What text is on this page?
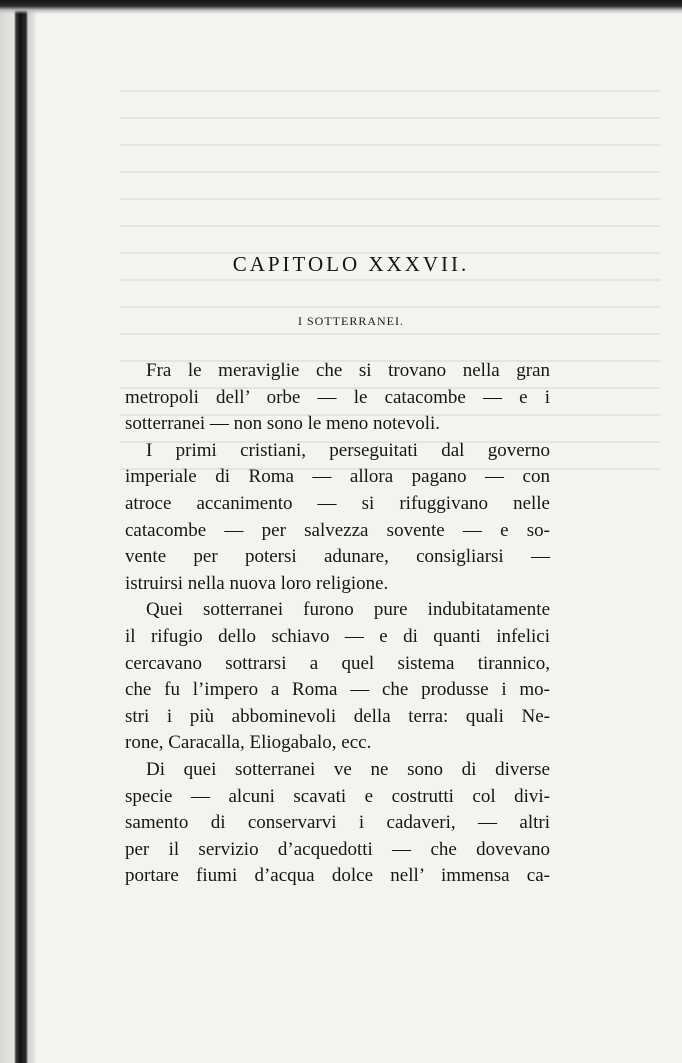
CAPITOLO XXXVII.
I SOTTERRANEI.
Fra le meraviglie che si trovano nella gran
metropoli dell’ orbe — le catacombe — e i
sotterranei — non sono le meno notevoli.
I primi cristiani, perseguitati dal governo
imperiale di Roma — allora pagano — con
atroce accanimento — si rifuggivano nelle
catacombe — per salvezza sovente — e so-
vente per potersi adunare, consigliarsi —
istruirsi nella nuova loro religione.
Quei sotterranei furono pure indubitatamente
il rifugio dello schiavo — e di quanti infelici
cercavano sottrarsi a quel sistema tirannico,
che fu l’impero a Roma — che produsse i mo-
stri i più abbominevoli della terra: quali Ne-
rone, Caracalla, Eliogabalo, ecc.
Di quei sotterranei ve ne sono di diverse
specie — alcuni scavati e costrutti col divi-
samento di conservarvi i cadaveri, — altri
per il servizio d’acquedotti — che dovevano
portare fiumi d’acqua dolce nell’ immensa ca-
